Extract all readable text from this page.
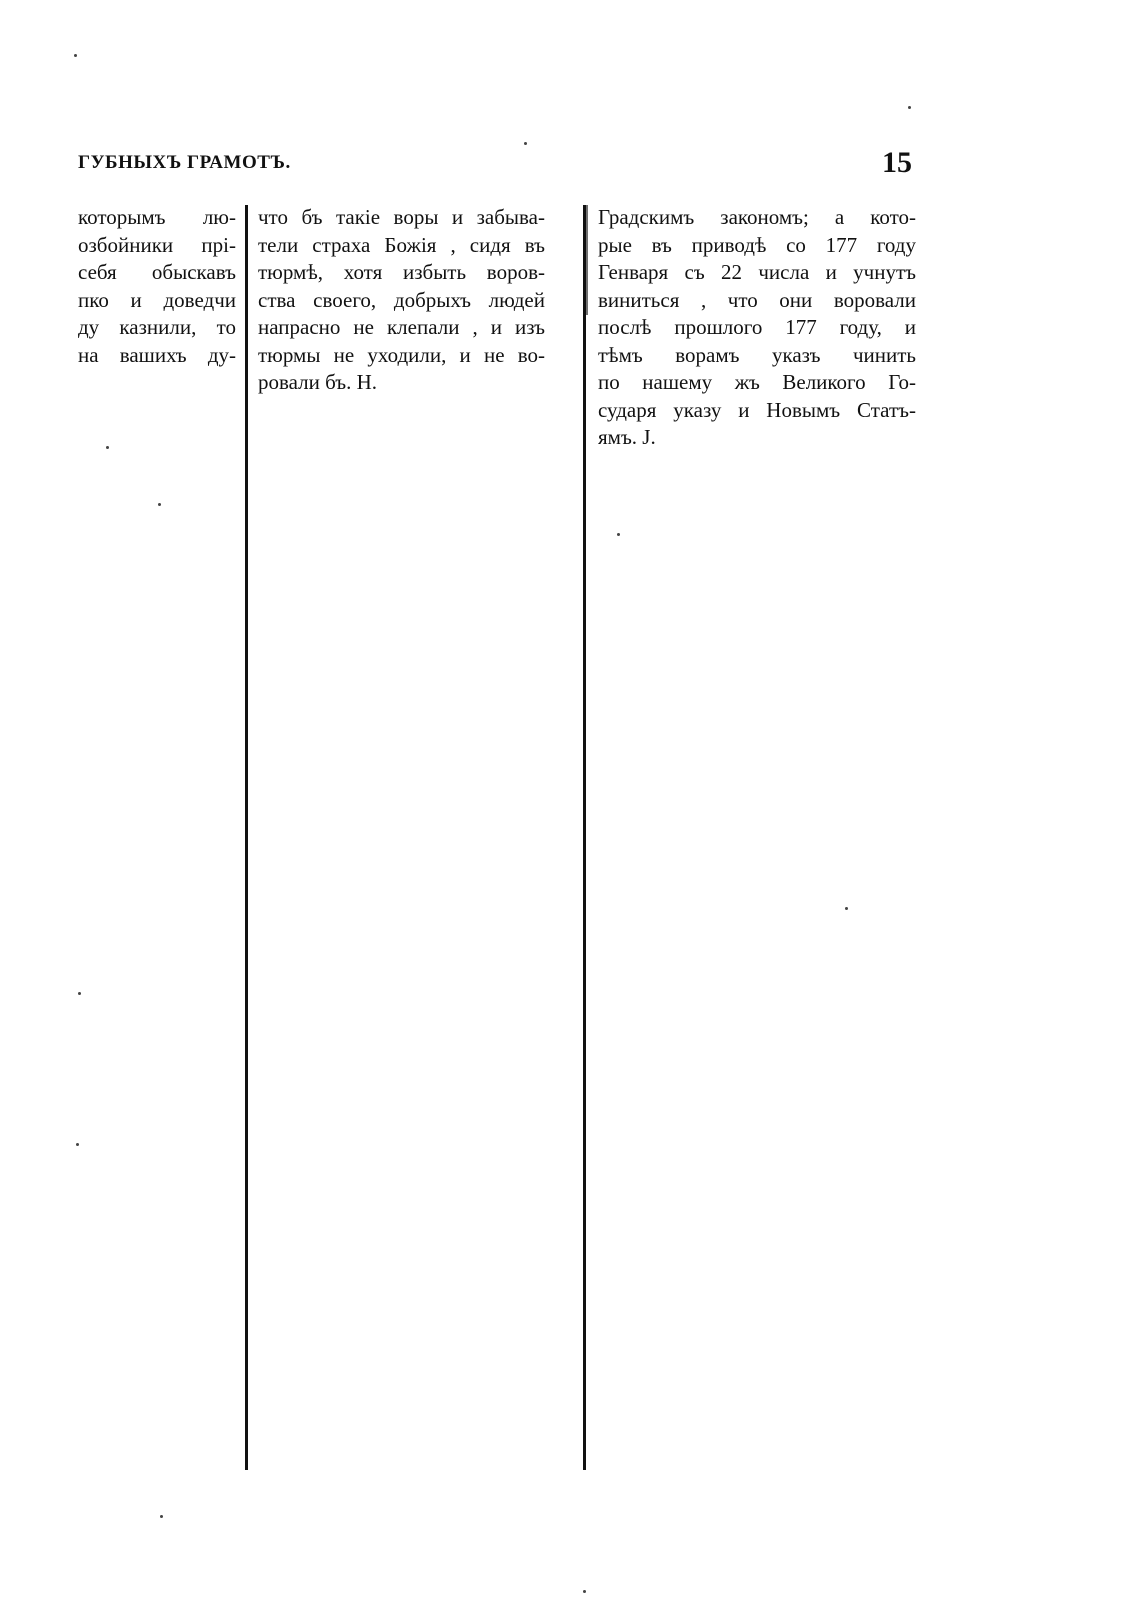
ГУБНЫХЪ ГРАМОТЪ.	15
которымъ лю-
озбойники прі-
себя обыскавъ
пко и доведчи
ду казнили, то
на вашихъ ду-
что бъ такіе воры и забыва-
тели страха Божія , сидя въ
тюрмѣ, хотя избыть воров-
ства своего, добрыхъ людей
напрасно не клепали , и изъ
тюрмы не уходили, и не во-
ровали бъ. Н.
Градскимъ закономъ; а кото-
рые въ приводѣ со 177 году
Генваря съ 22 числа и учнутъ
виниться , что они воровали
послѣ прошлого 177 году, и
тѣмъ ворамъ указъ чинить
по нашему жъ Великого Го-
сударя указу и Новымъ Статъ-
ямъ. J.
